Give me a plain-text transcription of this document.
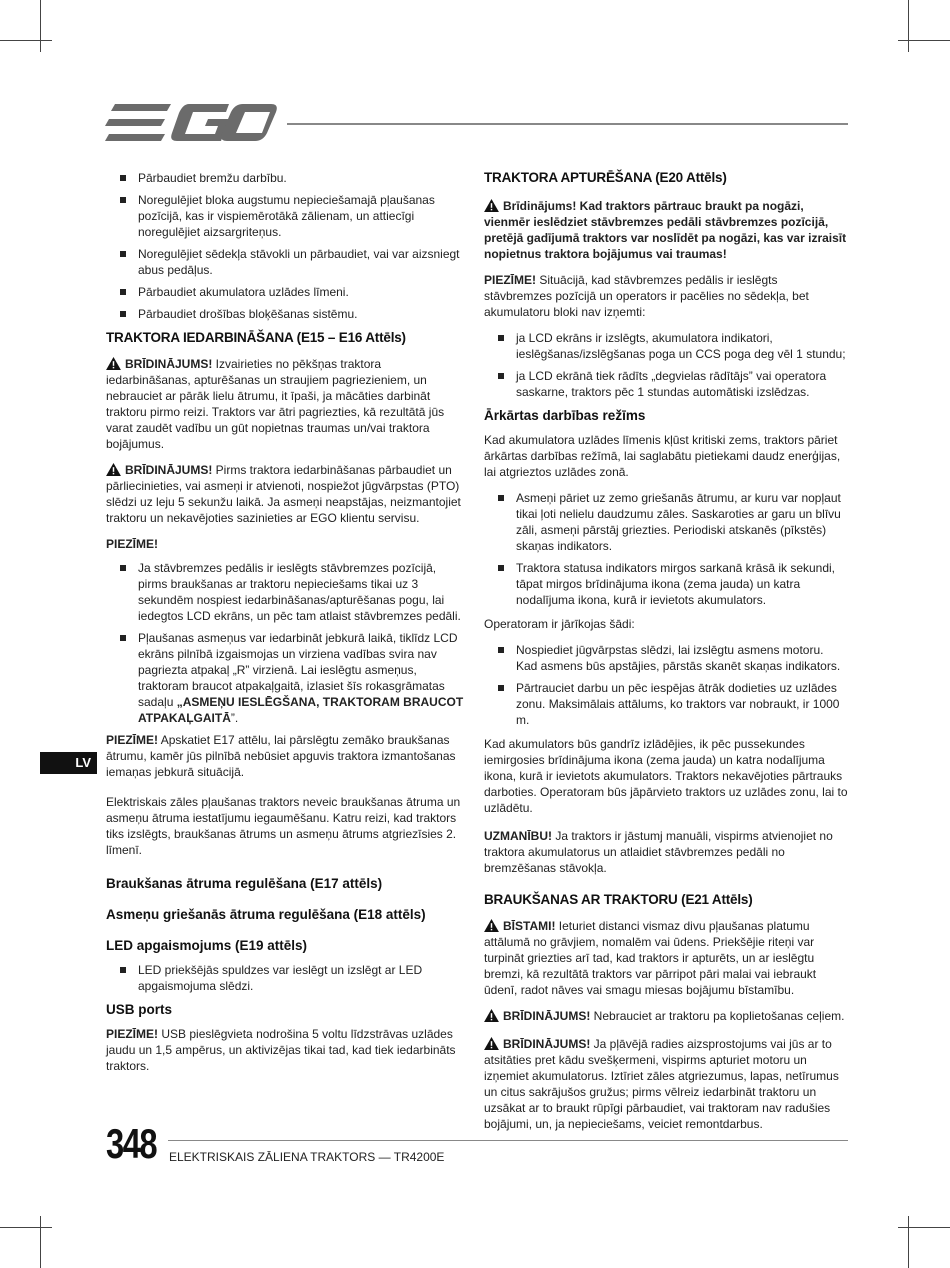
Pārbaudiet bremžu darbību.
Noregulējiet bloka augstumu nepieciešamajā pļaušanas pozīcijā, kas ir vispiemērotākā zālienam, un attiecīgi noregulējiet aizsargriteņus.
Noregulējiet sēdekļa stāvokli un pārbaudiet, vai var aizsniegt abus pedāļus.
Pārbaudiet akumulatora uzlādes līmeni.
Pārbaudiet drošības bloķēšanas sistēmu.
TRAKTORA IEDARBINĀŠANA (E15 – E16 Attēls)

BRĪDINĀJUMS! Izvairieties no pēkšņas traktora iedarbināšanas, apturēšanas un straujiem pagriezieniem, un nebrauciet ar pārāk lielu ātrumu, it īpaši, ja mācāties darbināt traktoru pirmo reizi. Traktors var ātri pagriezties, kā rezultātā jūs varat zaudēt vadību un gūt nopietnas traumas un/vai traktora bojājumus.

BRĪDINĀJUMS! Pirms traktora iedarbināšanas pārbaudiet un pārliecinieties, vai asmeņi ir atvienoti, nospiežot jūgvārpstas (PTO) slēdzi uz leju 5 sekunžu laikā. Ja asmeņi neapstājas, neizmantojiet traktoru un nekavējoties sazinieties ar EGO klientu servisu.

PIEZĪME!

Ja stāvbremzes pedālis ir ieslēgts stāvbremzes pozīcijā, pirms braukšanas ar traktoru nepieciešams tikai uz 3 sekundēm nospiest iedarbināšanas/apturēšanas pogu, lai iedegtos LCD ekrāns, un pēc tam atlaist stāvbremzes pedāli.
Pļaušanas asmeņus var iedarbināt jebkurā laikā, tiklīdz LCD ekrāns pilnībā izgaismojas un virziena vadības svira nav pagriezta atpakaļ „R” virzienā. Lai ieslēgtu asmeņus, traktoram braucot atpakaļgaitā, izlasiet šīs rokasgrāmatas sadaļu „ASMEŅU IESLĒGŠANA, TRAKTORAM BRAUCOT ATPAKAĻGAITĀ”.

PIEZĪME! Apskatiet E17 attēlu, lai pārslēgtu zemāko braukšanas ātrumu, kamēr jūs pilnībā nebūsiet apguvis traktora izmantošanas iemaņas jebkurā situācijā.

Elektriskais zāles pļaušanas traktors neveic braukšanas ātruma un asmeņu ātruma iestatījumu iegaumēšanu. Katru reizi, kad traktors tiks izslēgts, braukšanas ātrums un asmeņu ātrums atgriezīsies 2. līmenī.

Braukšanas ātruma regulēšana (E17 attēls)
Asmeņu griešanās ātruma regulēšana (E18 attēls)
LED apgaismojums (E19 attēls)
LED priekšējās spuldzes var ieslēgt un izslēgt ar LED apgaismojuma slēdzi.
USB ports

PIEZĪME! USB pieslēgvieta nodrošina 5 voltu līdzstrāvas uzlādes jaudu un 1,5 ampērus, un aktivizējas tikai tad, kad tiek iedarbināts traktors.

TRAKTORA APTURĒŠANA (E20 Attēls)

Brīdinājums! Kad traktors pārtrauc braukt pa nogāzi, vienmēr ieslēdziet stāvbremzes pedāli stāvbremzes pozīcijā, pretējā gadījumā traktors var noslīdēt pa nogāzi, kas var izraisīt nopietnus traktora bojājumus vai traumas!

PIEZĪME! Situācijā, kad stāvbremzes pedālis ir ieslēgts stāvbremzes pozīcijā un operators ir pacēlies no sēdekļa, bet akumulatoru bloki nav izņemti:

ja LCD ekrāns ir izslēgts, akumulatora indikatori, ieslēgšanas/izslēgšanas poga un CCS poga deg vēl 1 stundu;
ja LCD ekrānā tiek rādīts „degvielas rādītājs” vai operatora saskarne, traktors pēc 1 stundas automātiski izslēdzas.
Ārkārtas darbības režīms

Kad akumulatora uzlādes līmenis kļūst kritiski zems, traktors pāriet ārkārtas darbības režīmā, lai saglabātu pietiekami daudz enerģijas, lai atgrieztos uzlādes zonā.

Asmeņi pāriet uz zemo griešanās ātrumu, ar kuru var nopļaut tikai ļoti nelielu daudzumu zāles. Saskaroties ar garu un blīvu zāli, asmeņi pārstāj griezties. Periodiski atskanēs (pīkstēs) skaņas indikators.
Traktora statusa indikators mirgos sarkanā krāsā ik sekundi, tāpat mirgos brīdinājuma ikona (zema jauda) un katra nodalījuma ikona, kurā ir ievietots akumulators.

Operatoram ir jārīkojas šādi:

Nospiediet jūgvārpstas slēdzi, lai izslēgtu asmens motoru. Kad asmens būs apstājies, pārstās skanēt skaņas indikators.
Pārtrauciet darbu un pēc iespējas ātrāk dodieties uz uzlādes zonu. Maksimālais attālums, ko traktors var nobraukt, ir 1000 m.

Kad akumulators būs gandrīz izlādējies, ik pēc pussekundes iemirgosies brīdinājuma ikona (zema jauda) un katra nodalījuma ikona, kurā ir ievietots akumulators. Traktors nekavējoties pārtrauks darboties. Operatoram būs jāpārvieto traktors uz uzlādes zonu, lai to uzlādētu.

UZMANĪBU! Ja traktors ir jāstumj manuāli, vispirms atvienojiet no traktora akumulatorus un atlaidiet stāvbremzes pedāli no bremzēšanas stāvokļa.

BRAUKŠANAS AR TRAKTORU (E21 Attēls)

BĪSTAMI! Ieturiet distanci vismaz divu pļaušanas platumu attālumā no grāvjiem, nomalēm vai ūdens. Priekšējie riteņi var turpināt griezties arī tad, kad traktors ir apturēts, un ar ieslēgtu bremzi, kā rezultātā traktors var pārripot pāri malai vai iebraukt ūdenī, radot nāves vai smagu miesas bojājumu bīstamību.

BRĪDINĀJUMS! Nebrauciet ar traktoru pa koplietošanas ceļiem.

BRĪDINĀJUMS! Ja pļāvējā radies aizsprostojums vai jūs ar to atsitāties pret kādu svešķermeni, vispirms apturiet motoru un izņemiet akumulatorus. Iztīriet zāles atgriezumus, lapas, netīrumus un citus sakrājušos gružus; pirms vēlreiz iedarbināt traktoru un uzsākat ar to braukt rūpīgi pārbaudiet, vai traktoram nav radušies bojājumi, un, ja nepieciešams, veiciet remontdarbus.

LV
348 ELEKTRISKAIS ZĀLIENA TRAKTORS — TR4200E
